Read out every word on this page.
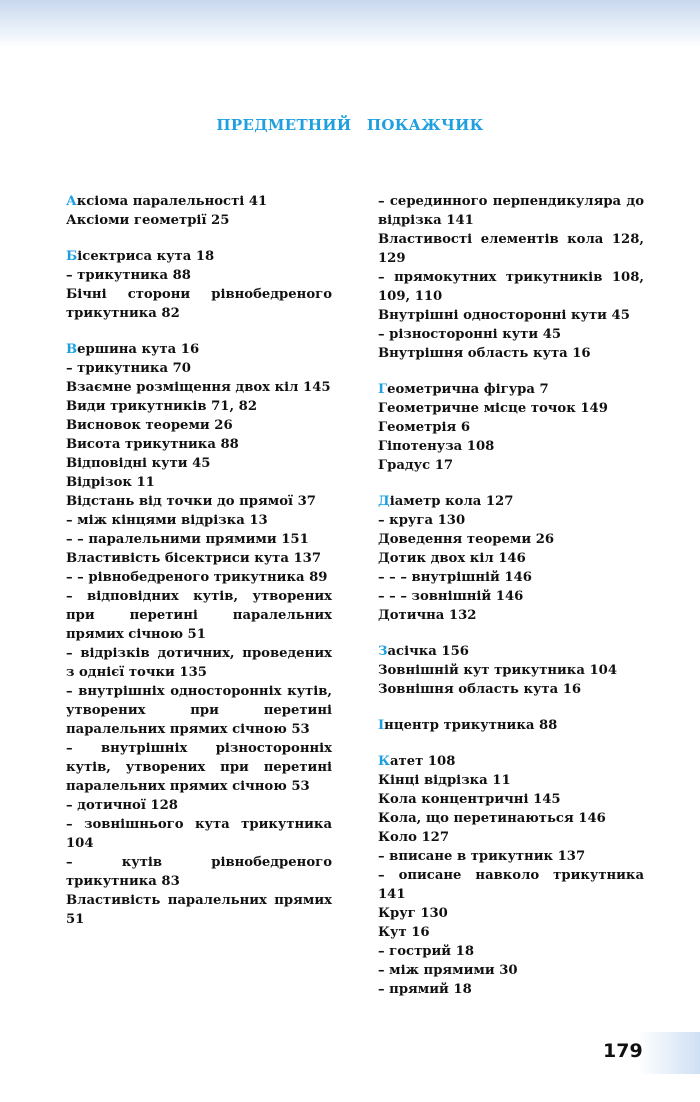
ПРЕДМЕТНИЙ ПОКАЖЧИК
Аксіома паралельності 41
Аксіоми геометрії 25
Бісектриса кута 18
– трикутника 88
Бічні сторони рівнобедреного трикутника 82
Вершина кута 16
– трикутника 70
Взаємне розміщення двох кіл 145
Види трикутників 71, 82
Висновок теореми 26
Висота трикутника 88
Відповідні кути 45
Відрізок 11
Відстань від точки до прямої 37
– між кінцями відрізка 13
– – паралельними прямими 151
Властивість бісектриси кута 137
– – рівнобедреного трикутника 89
– відповідних кутів, утворених при перетині паралельних прямих січною 51
– відрізків дотичних, проведених з однієї точки 135
– внутрішніх односторонніх кутів, утворених при перетині паралельних прямих січною 53
– внутрішніх різносторонніх кутів, утворених при перетині паралельних прямих січною 53
– дотичної 128
– зовнішнього кута трикутника 104
– кутів рівнобедреного трикутника 83
Властивість паралельних прямих 51
– серединного перпендикуляра до відрізка 141
Властивості елементів кола 128, 129
– прямокутних трикутників 108, 109, 110
Внутрішні односторонні кути 45
– різносторонні кути 45
Внутрішня область кута 16
Геометрична фігура 7
Геометричне місце точок 149
Геометрія 6
Гіпотенуза 108
Градус 17
Діаметр кола 127
– круга 130
Доведення теореми 26
Дотик двох кіл 146
– – – внутрішній 146
– – – зовнішній 146
Дотична 132
Засічка 156
Зовнішній кут трикутника 104
Зовнішня область кута 16
Інцентр трикутника 88
Катет 108
Кінці відрізка 11
Кола концентричні 145
Кола, що перетинаються 146
Коло 127
– вписане в трикутник 137
– описане навколо трикутника 141
Круг 130
Кут 16
– гострий 18
– між прямими 30
– прямий 18
179
